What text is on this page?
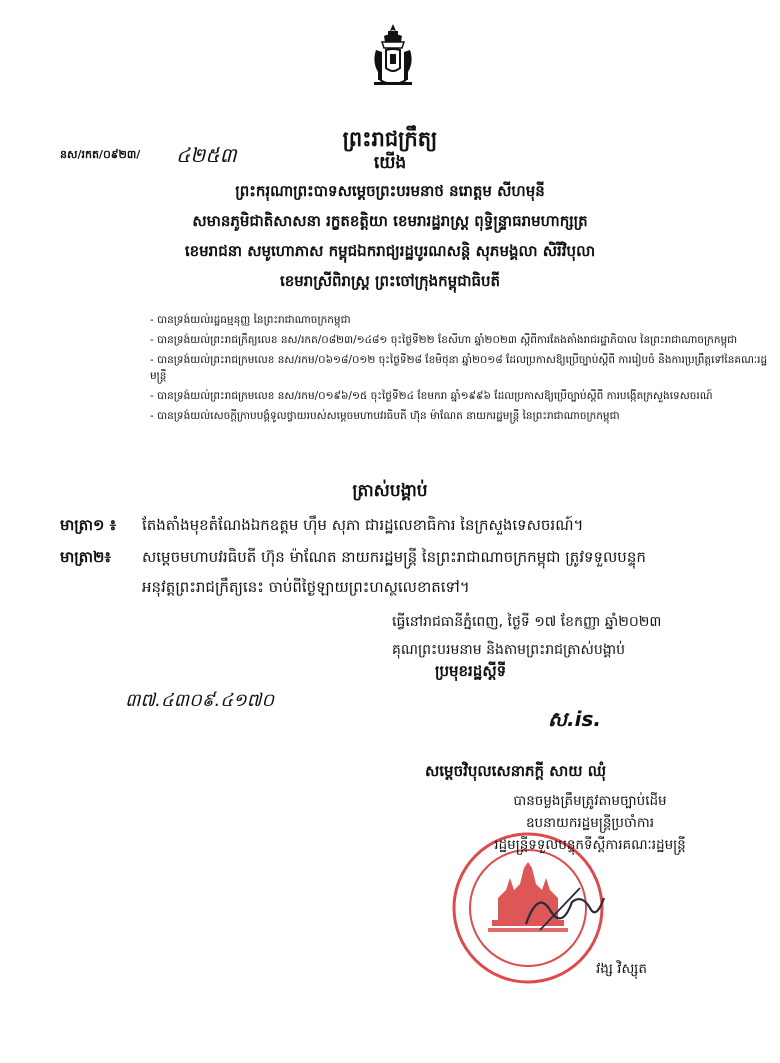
ព្រះរាជក្រឹត្យ
នស/រកត/០៩២៣/ ៤២៥៣	យើង
ព្រះករុណាព្រះបាទសម្តេចព្រះបរមនាថ នរោត្តម សីហមុនី
សមានភូមិជាតិសាសនា រក្ខតខត្តិយា ខេមរារដ្ឋរាស្ត្រ ពុទ្ធិន្ទ្រាធរាមហាក្សត្រ
ខេមរាជនា សមូហោភាស កម្ពុជឯករាជ្យរដ្ឋបូរណសន្តិ សុភមង្គលា សិរីវិបុលា
ខេមរាស្រីពិរាស្ត្រ ព្រះចៅក្រុងកម្ពុជាធិបតី
- បានទ្រង់យល់រដ្ឋធម្មនុញ្ញ នៃព្រះរាជាណាចក្រកម្ពុជា
- បានទ្រង់យល់ព្រះរាជក្រឹត្យលេខ នស/រកត/០៨២៣/១៤៨១ ចុះថ្ងៃទី២២ ខែសីហា ឆ្នាំ២០២៣ ស្តីពីការតែងតាំងរាជរដ្ឋាភិបាល នៃព្រះរាជាណាចក្រកម្ពុជា
- បានទ្រង់យល់ព្រះរាជក្រមលេខ នស/រកម/០៦១៨/០១២ ចុះថ្ងៃទី២៨ ខែមិថុនា ឆ្នាំ២០១៨ ដែលប្រកាសឱ្យប្រើច្បាប់ស្តីពី ការរៀបចំ និងការប្រព្រឹត្តទៅនៃគណៈរដ្ឋមន្ត្រី
- បានទ្រង់យល់ព្រះរាជក្រមលេខ នស/រកម/០១៩៦/១៥ ចុះថ្ងៃទី២៤ ខែមករា ឆ្នាំ១៩៩៦ ដែលប្រកាសឱ្យប្រើច្បាប់ស្តីពី ការបង្កើតក្រសួងទេសចរណ៍
- បានទ្រង់យល់សេចក្តីក្រាបបង្គំទូលថ្វាយរបស់សម្តេចមហាបវរធិបតី ហ៊ុន ម៉ាណែត នាយករដ្ឋមន្ត្រី នៃព្រះរាជាណាចក្រកម្ពុជា
ត្រាស់បង្គាប់
មាត្រា១ ៖ តែងតាំងមុខតំណែងឯកឧត្តម ហ៊ឹម សុភា ជារដ្ឋលេខាធិការ នៃក្រសួងទេសចរណ៍។
មាត្រា២៖ សម្តេចមហាបវរធិបតី ហ៊ុន ម៉ាណែត នាយករដ្ឋមន្ត្រី នៃព្រះរាជាណាចក្រកម្ពុជា ត្រូវទទួលបន្ទុក
អនុវត្តព្រះរាជក្រឹត្យនេះ ចាប់ពីថ្ងៃឡាយព្រះហស្ថលេខាតទៅ។
ធ្វើនៅរាជធានីភ្នំពេញ, ថ្ងៃទី ១៧ ខែកញ្ញា ឆ្នាំ២០២៣
គុណព្រះបរមនាម និងតាមព្រះរាជត្រាស់បង្គាប់
ប្រមុខរដ្ឋស្តីទី
៣៧.៤៣០៩.៤១៧០
ស.is.
សម្តេចវិបុលសេនាភក្តី សាយ ឈុំ
បានចម្លងត្រឹមត្រូវតាមច្បាប់ដើម
ឧបនាយករដ្ឋមន្ត្រីប្រចាំការ
រដ្ឋមន្ត្រីទទួលបន្ទុកទីស្តីការគណៈរដ្ឋមន្ត្រី
វង្ស វិស្សុត
